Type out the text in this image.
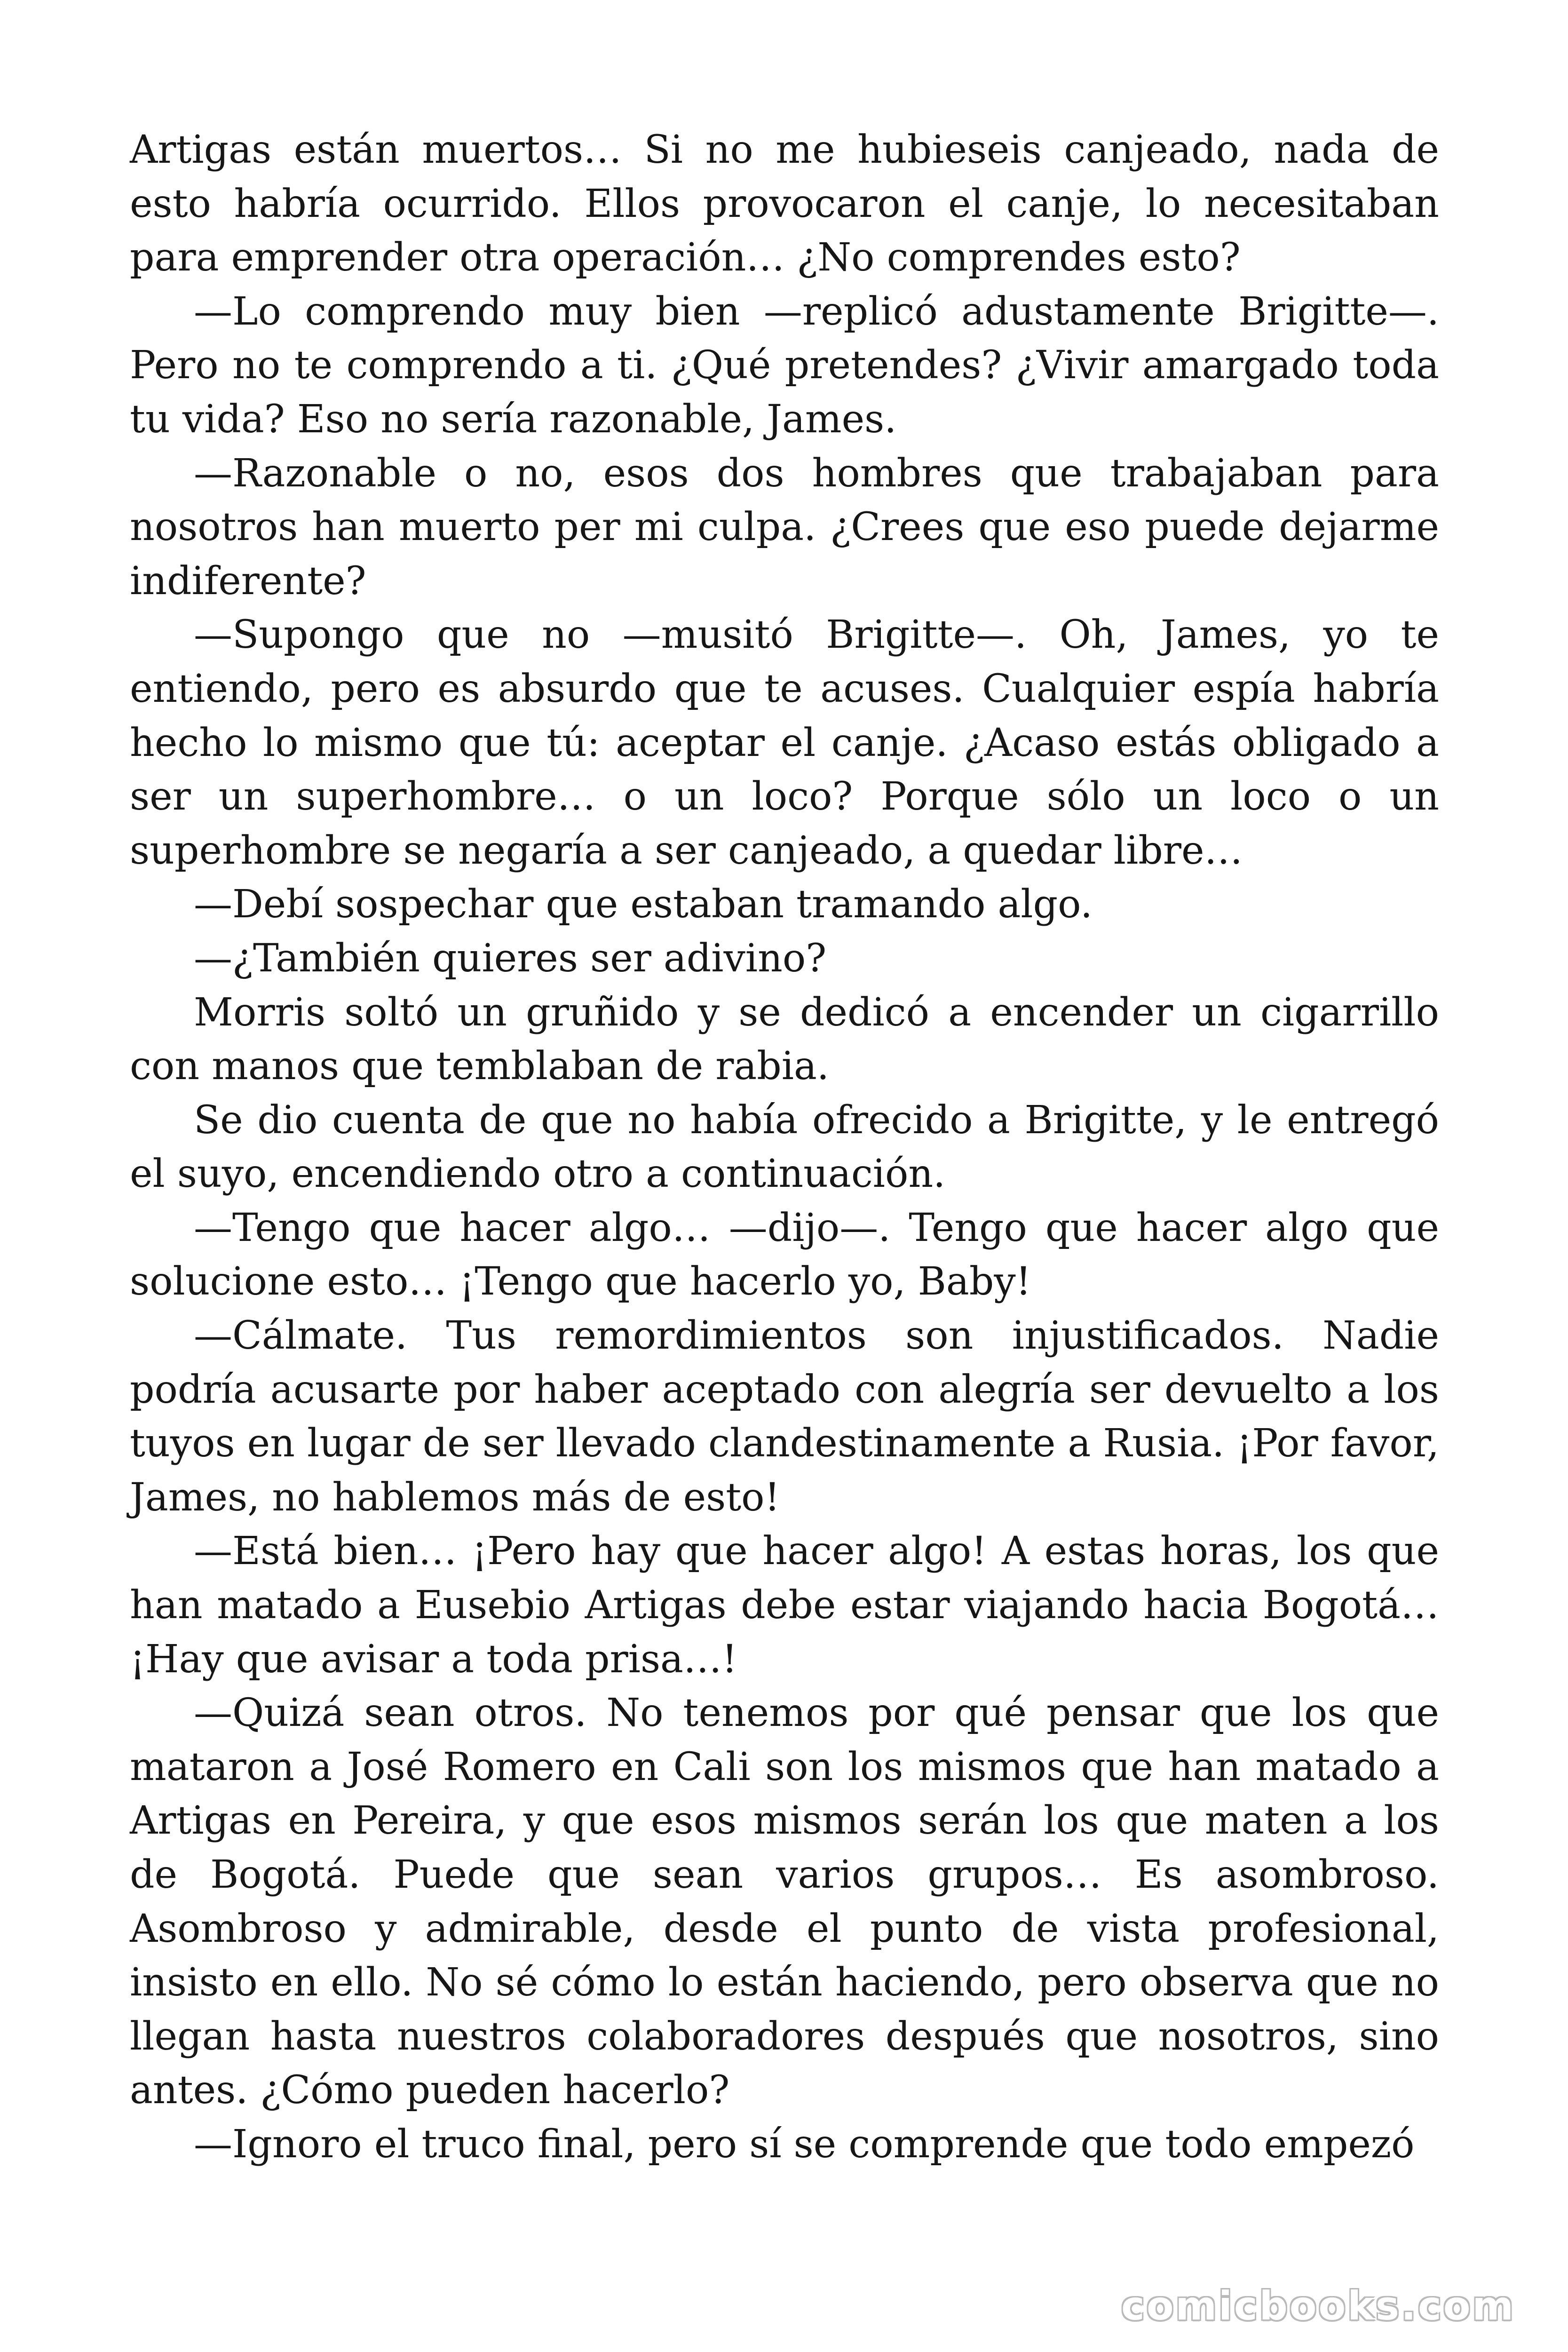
Artigas están muertos… Si no me hubieseis canjeado, nada de esto habría ocurrido. Ellos provocaron el canje, lo necesitaban para emprender otra operación… ¿No comprendes esto?

—Lo comprendo muy bien —replicó adustamente Brigitte—. Pero no te comprendo a ti. ¿Qué pretendes? ¿Vivir amargado toda tu vida? Eso no sería razonable, James.

—Razonable o no, esos dos hombres que trabajaban para nosotros han muerto per mi culpa. ¿Crees que eso puede dejarme indiferente?

—Supongo que no —musitó Brigitte—. Oh, James, yo te entiendo, pero es absurdo que te acuses. Cualquier espía habría hecho lo mismo que tú: aceptar el canje. ¿Acaso estás obligado a ser un superhombre… o un loco? Porque sólo un loco o un superhombre se negaría a ser canjeado, a quedar libre…

—Debí sospechar que estaban tramando algo.

—¿También quieres ser adivino?

Morris soltó un gruñido y se dedicó a encender un cigarrillo con manos que temblaban de rabia.

Se dio cuenta de que no había ofrecido a Brigitte, y le entregó el suyo, encendiendo otro a continuación.

—Tengo que hacer algo… —dijo—. Tengo que hacer algo que solucione esto… ¡Tengo que hacerlo yo, Baby!

—Cálmate. Tus remordimientos son injustificados. Nadie podría acusarte por haber aceptado con alegría ser devuelto a los tuyos en lugar de ser llevado clandestinamente a Rusia. ¡Por favor, James, no hablemos más de esto!

—Está bien… ¡Pero hay que hacer algo! A estas horas, los que han matado a Eusebio Artigas debe estar viajando hacia Bogotá… ¡Hay que avisar a toda prisa…!

—Quizá sean otros. No tenemos por qué pensar que los que mataron a José Romero en Cali son los mismos que han matado a Artigas en Pereira, y que esos mismos serán los que maten a los de Bogotá. Puede que sean varios grupos… Es asombroso. Asombroso y admirable, desde el punto de vista profesional, insisto en ello. No sé cómo lo están haciendo, pero observa que no llegan hasta nuestros colaboradores después que nosotros, sino antes. ¿Cómo pueden hacerlo?

—Ignoro el truco final, pero sí se comprende que todo empezó

comicbooks.com
